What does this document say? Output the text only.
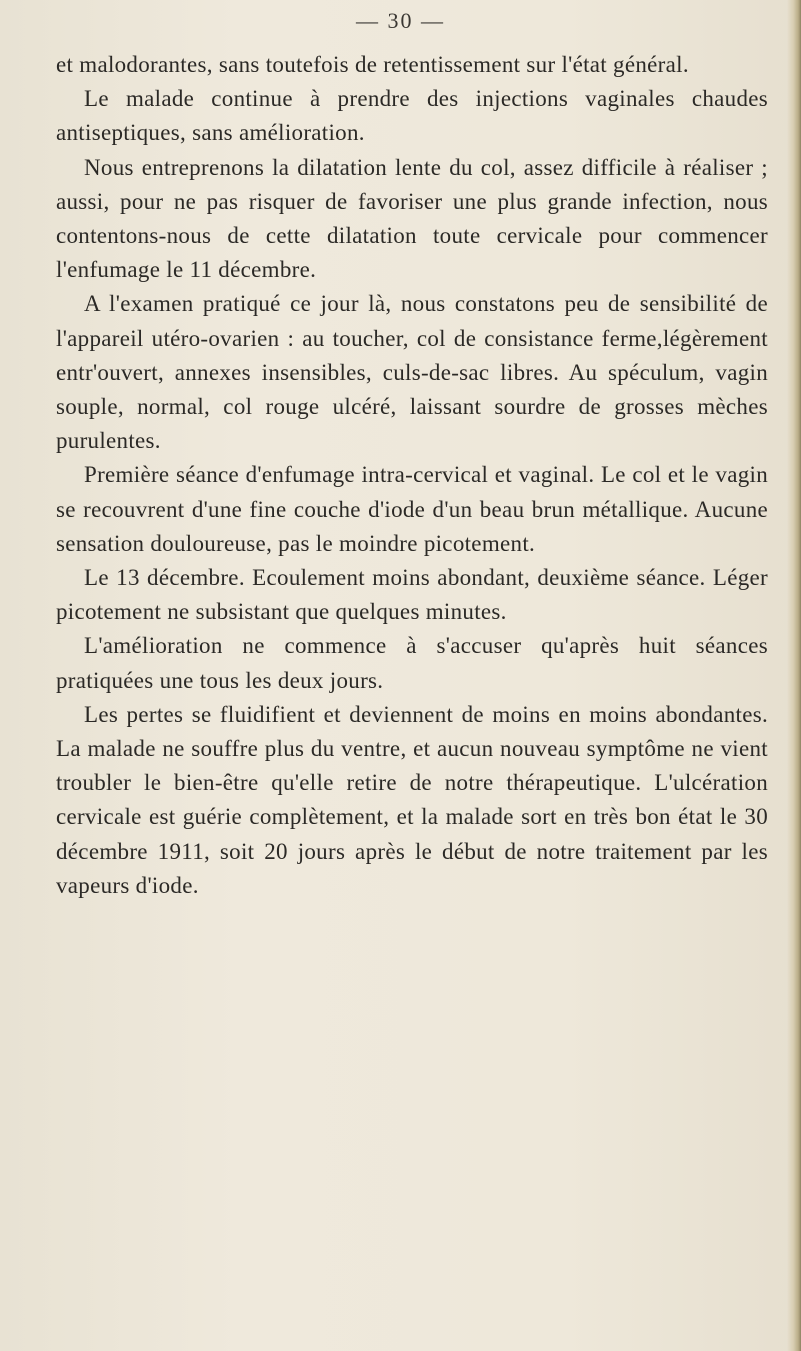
— 30 —

et malodorantes, sans toutefois de retentissement sur l'état général.

Le malade continue à prendre des injections vaginales chaudes antiseptiques, sans amélioration.

Nous entreprenons la dilatation lente du col, assez difficile à réaliser ; aussi, pour ne pas risquer de favoriser une plus grande infection, nous contentons-nous de cette dilatation toute cervicale pour commencer l'enfumage le 11 décembre.

A l'examen pratiqué ce jour là, nous constatons peu de sensibilité de l'appareil utéro-ovarien : au toucher, col de consistance ferme,légèrement entr'ouvert, annexes insensibles, culs-de-sac libres. Au spéculum, vagin souple, normal, col rouge ulcéré, laissant sourdre de grosses mèches purulentes.

Première séance d'enfumage intra-cervical et vaginal. Le col et le vagin se recouvrent d'une fine couche d'iode d'un beau brun métallique. Aucune sensation douloureuse, pas le moindre picotement.

Le 13 décembre. Ecoulement moins abondant, deuxième séance. Léger picotement ne subsistant que quelques minutes.

L'amélioration ne commence à s'accuser qu'après huit séances pratiquées une tous les deux jours.

Les pertes se fluidifient et deviennent de moins en moins abondantes. La malade ne souffre plus du ventre, et aucun nouveau symptôme ne vient troubler le bien-être qu'elle retire de notre thérapeutique. L'ulcération cervicale est guérie complètement, et la malade sort en très bon état le 30 décembre 1911, soit 20 jours après le début de notre traitement par les vapeurs d'iode.
